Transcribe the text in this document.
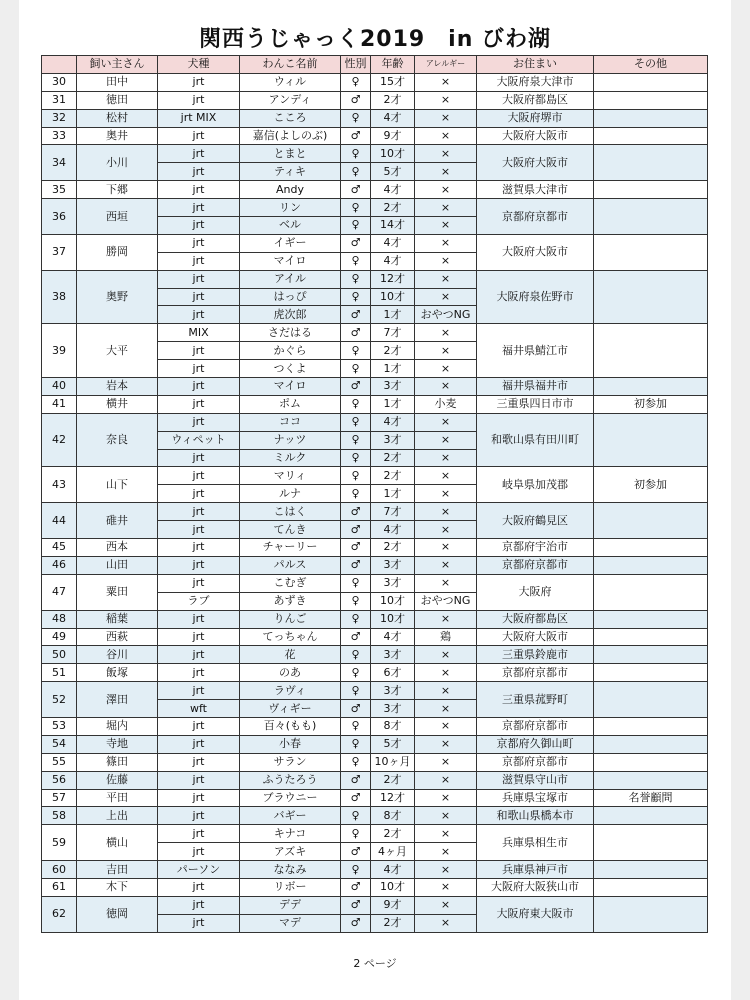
関西うじゃっく2019　in びわ湖
	飼い主さん	犬種	わんこ名前	性別	年齢	アレルギー	お住まい	その他
30	田中	jrt	ウィル	♀	15才	×	大阪府泉大津市	
31	徳田	jrt	アンディ	♂	2才	×	大阪府都島区	
32	松村	jrt MIX	こころ	♀	4才	×	大阪府堺市	
33	奥井	jrt	嘉信(よしのぶ)	♂	9才	×	大阪府大阪市	
34	小川	jrt	とまと	♀	10才	×	大阪府大阪市	
		jrt	ティキ	♀	5才	×		
35	下郷	jrt	Andy	♂	4才	×	滋賀県大津市	
36	西垣	jrt	リン	♀	2才	×	京都府京都市	
		jrt	ベル	♀	14才	×		
37	勝岡	jrt	イギー	♂	4才	×	大阪府大阪市	
		jrt	マイロ	♀	4才	×		
38	奥野	jrt	アイル	♀	12才	×	大阪府泉佐野市	
		jrt	はっぴ	♀	10才	×		
		jrt	虎次郎	♂	1才	おやつNG		
39	大平	MIX	さだはる	♂	7才	×	福井県鯖江市	
		jrt	かぐら	♀	2才	×		
		jrt	つくよ	♀	1才	×		
40	岩本	jrt	マイロ	♂	3才	×	福井県福井市	
41	横井	jrt	ポム	♀	1才	小麦	三重県四日市市	初参加
42	奈良	jrt	ココ	♀	4才	×	和歌山県有田川町	
		ウィペット	ナッツ	♀	3才	×		
		jrt	ミルク	♀	2才	×		
43	山下	jrt	マリィ	♀	2才	×	岐阜県加茂郡	初参加
		jrt	ルナ	♀	1才	×		
44	碓井	jrt	こはく	♂	7才	×	大阪府鶴見区	
		jrt	てんき	♂	4才	×		
45	西本	jrt	チャーリー	♂	2才	×	京都府宇治市	
46	山田	jrt	パルス	♂	3才	×	京都府京都市	
47	粟田	jrt	こむぎ	♀	3才	×	大阪府	
		ラブ	あずき	♀	10才	おやつNG		
48	稲葉	jrt	りんご	♀	10才	×	大阪府都島区	
49	西萩	jrt	てっちゃん	♂	4才	鶏	大阪府大阪市	
50	谷川	jrt	花	♀	3才	×	三重県鈴鹿市	
51	飯塚	jrt	のあ	♀	6才	×	京都府京都市	
52	澤田	jrt	ラヴィ	♀	3才	×	三重県菰野町	
		wft	ヴィギー	♂	3才	×		
53	堀内	jrt	百々(もも)	♀	8才	×	京都府京都市	
54	寺地	jrt	小春	♀	5才	×	京都府久御山町	
55	篠田	jrt	サラン	♀	10ヶ月	×	京都府京都市	
56	佐藤	jrt	ふうたろう	♂	2才	×	滋賀県守山市	
57	平田	jrt	ブラウニー	♂	12才	×	兵庫県宝塚市	名誉顧問
58	上出	jrt	バギー	♀	8才	×	和歌山県橋本市	
59	横山	jrt	キナコ	♀	2才	×	兵庫県相生市	
		jrt	アズキ	♂	4ヶ月	×		
60	吉田	パーソン	ななみ	♀	4才	×	兵庫県神戸市	
61	木下	jrt	リボー	♂	10才	×	大阪府大阪狭山市	
62	徳岡	jrt	デデ	♂	9才	×	大阪府東大阪市	
		jrt	マデ	♂	2才	×		
2 ページ
